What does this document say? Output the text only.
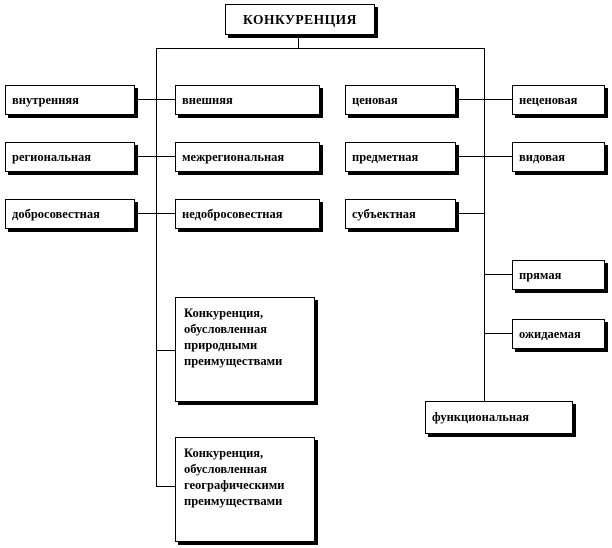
КОНКУРЕНЦИЯ
внутренняя	внешняя	ценовая	неценовая
региональная	межрегиональная	предметная	видовая
добросовестная	недобросовестная	субъектная
прямая
ожидаемая
функциональная
Конкуренция, обусловленная природными преимуществами
Конкуренция, обусловленная географическими преимуществами
